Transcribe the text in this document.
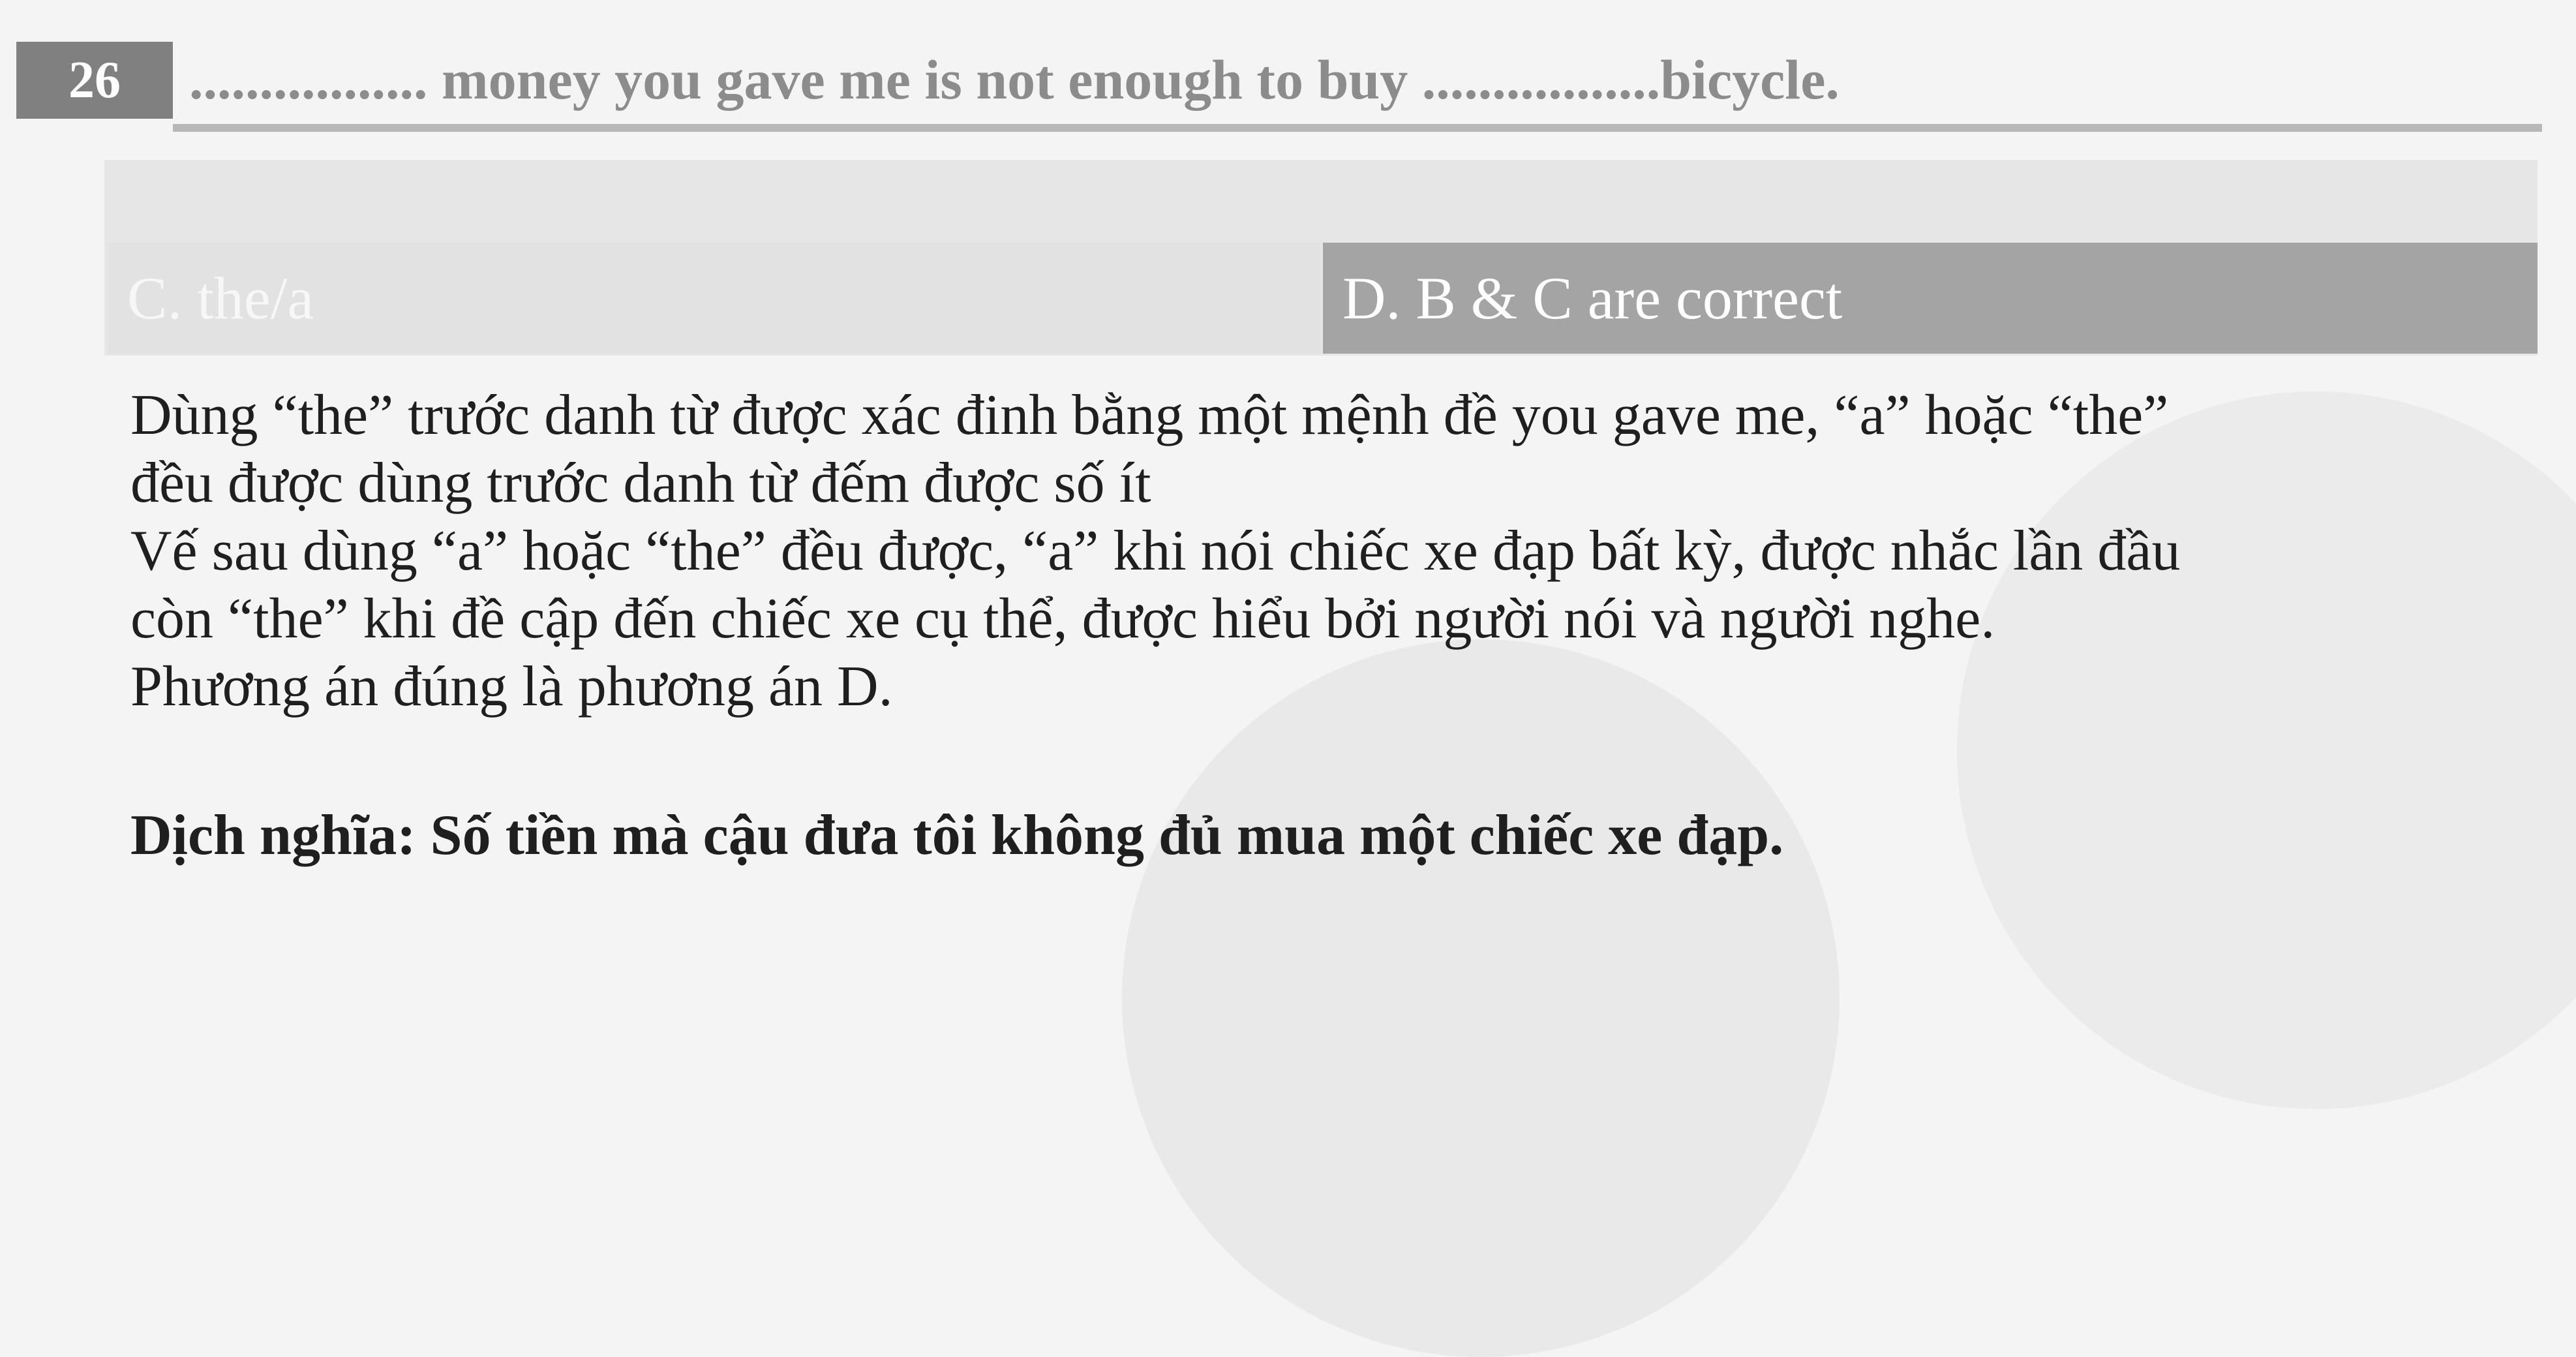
26	................. money you gave me is not enough to buy .................bicycle.
C. the/a	D. B & C are correct

Dùng “the” trước danh từ được xác đinh bằng một mệnh đề you gave me, “a” hoặc “the”

đều được dùng trước danh từ đếm được số ít

Vế sau dùng “a” hoặc “the” đều được, “a” khi nói chiếc xe đạp bất kỳ, được nhắc lần đầu

còn “the” khi đề cập đến chiếc xe cụ thể, được hiểu bởi người nói và người nghe.

Phương án đúng là phương án D.

Dịch nghĩa: Số tiền mà cậu đưa tôi không đủ mua một chiếc xe đạp.
